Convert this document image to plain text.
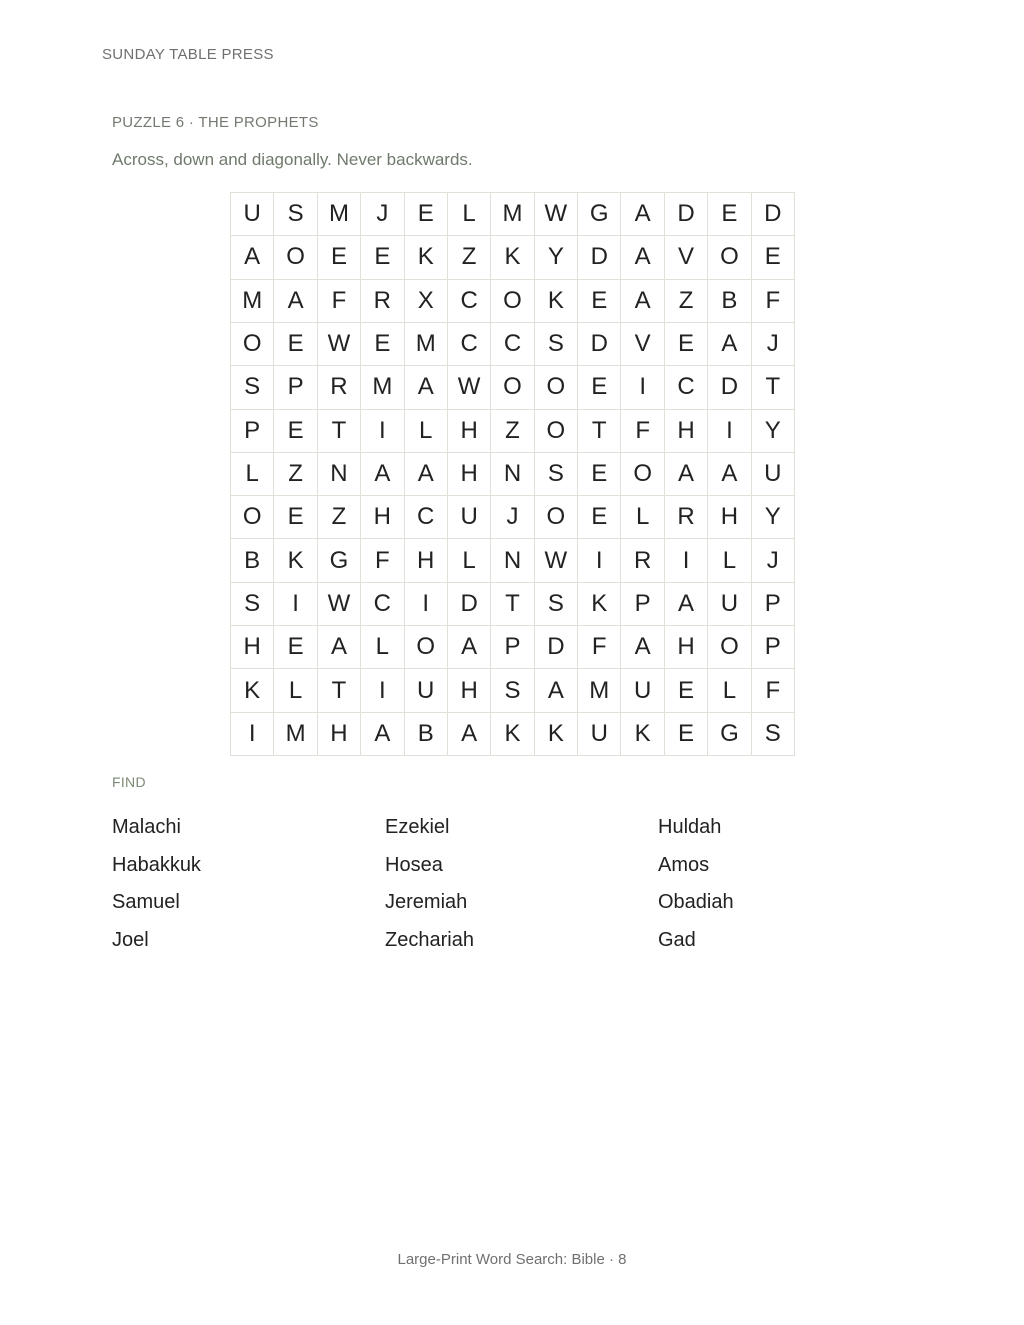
SUNDAY TABLE PRESS
PUZZLE 6 · THE PROPHETS
Across, down and diagonally. Never backwards.
U	S	M	J	E	L	M W G	A	D	E	D
A	O	E	E	K	Z	K	Y	D	A	V	O	E
M	A	F	R	X	C	O	K	E	A	Z	B	F
O	E	W	E	M	C	C	S	D	V	E	A	J
S	P	R	M	A	W O	O	E	I	C	D	T
P	E	T	I	L	H	Z	O	T	F	H	I	Y
L	Z	N	A	A	H	N	S	E	O	A	A	U
O	E	Z	H	C	U	J	O	E	L	R	H	Y
B	K	G	F	H	L	N W	I	R	I	L	J
S	I	W C	I	D	T	S	K	P	A	U	P
H	E	A	L	O	A	P	D	F	A	H	O	P
K	L	T	I	U	H	S	A	M	U	E	L	F
I	M	H	A	B	A	K	K	U	K	E	G	S
FIND
Malachi	Ezekiel	Huldah
Habakkuk	Hosea	Amos
Samuel	Jeremiah	Obadiah
Joel	Zechariah	Gad
Large-Print Word Search: Bible · 8
